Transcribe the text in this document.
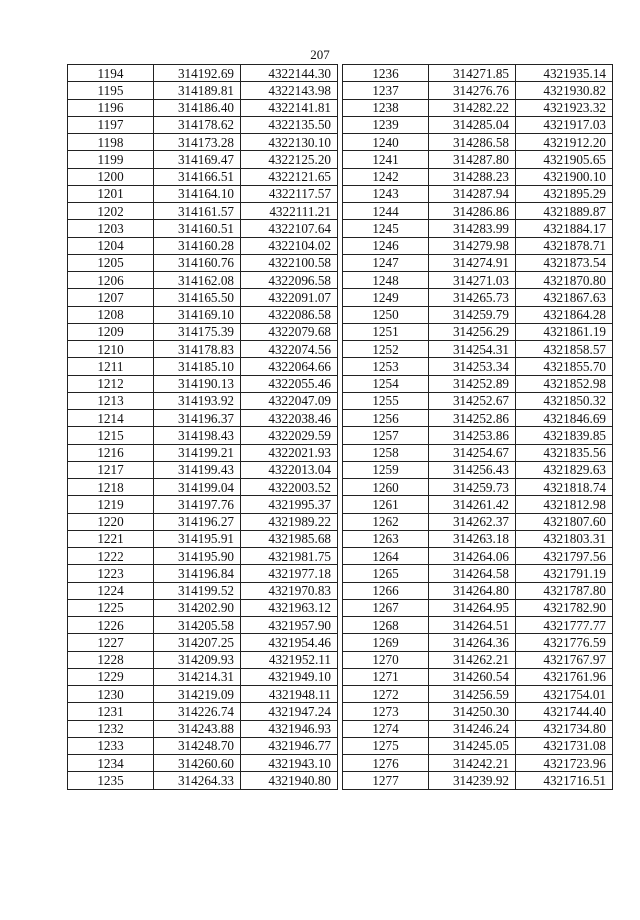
207
1194	314192.69	4322144.30
1195	314189.81	4322143.98
1196	314186.40	4322141.81
1197	314178.62	4322135.50
1198	314173.28	4322130.10
1199	314169.47	4322125.20
1200	314166.51	4322121.65
1201	314164.10	4322117.57
1202	314161.57	4322111.21
1203	314160.51	4322107.64
1204	314160.28	4322104.02
1205	314160.76	4322100.58
1206	314162.08	4322096.58
1207	314165.50	4322091.07
1208	314169.10	4322086.58
1209	314175.39	4322079.68
1210	314178.83	4322074.56
1211	314185.10	4322064.66
1212	314190.13	4322055.46
1213	314193.92	4322047.09
1214	314196.37	4322038.46
1215	314198.43	4322029.59
1216	314199.21	4322021.93
1217	314199.43	4322013.04
1218	314199.04	4322003.52
1219	314197.76	4321995.37
1220	314196.27	4321989.22
1221	314195.91	4321985.68
1222	314195.90	4321981.75
1223	314196.84	4321977.18
1224	314199.52	4321970.83
1225	314202.90	4321963.12
1226	314205.58	4321957.90
1227	314207.25	4321954.46
1228	314209.93	4321952.11
1229	314214.31	4321949.10
1230	314219.09	4321948.11
1231	314226.74	4321947.24
1232	314243.88	4321946.93
1233	314248.70	4321946.77
1234	314260.60	4321943.10
1235	314264.33	4321940.80
1236	314271.85	4321935.14
1237	314276.76	4321930.82
1238	314282.22	4321923.32
1239	314285.04	4321917.03
1240	314286.58	4321912.20
1241	314287.80	4321905.65
1242	314288.23	4321900.10
1243	314287.94	4321895.29
1244	314286.86	4321889.87
1245	314283.99	4321884.17
1246	314279.98	4321878.71
1247	314274.91	4321873.54
1248	314271.03	4321870.80
1249	314265.73	4321867.63
1250	314259.79	4321864.28
1251	314256.29	4321861.19
1252	314254.31	4321858.57
1253	314253.34	4321855.70
1254	314252.89	4321852.98
1255	314252.67	4321850.32
1256	314252.86	4321846.69
1257	314253.86	4321839.85
1258	314254.67	4321835.56
1259	314256.43	4321829.63
1260	314259.73	4321818.74
1261	314261.42	4321812.98
1262	314262.37	4321807.60
1263	314263.18	4321803.31
1264	314264.06	4321797.56
1265	314264.58	4321791.19
1266	314264.80	4321787.80
1267	314264.95	4321782.90
1268	314264.51	4321777.77
1269	314264.36	4321776.59
1270	314262.21	4321767.97
1271	314260.54	4321761.96
1272	314256.59	4321754.01
1273	314250.30	4321744.40
1274	314246.24	4321734.80
1275	314245.05	4321731.08
1276	314242.21	4321723.96
1277	314239.92	4321716.51
